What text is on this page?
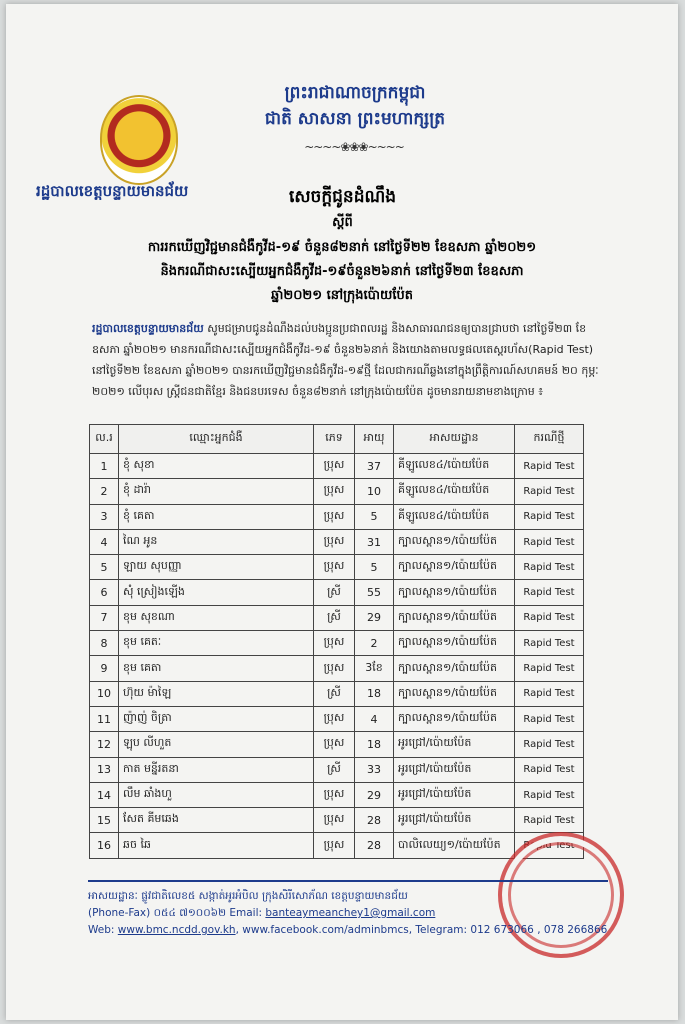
ព្រះរាជាណាចក្រកម្ពុជា
ជាតិ សាសនា ព្រះមហាក្សត្រ
~~~~❀❀❀~~~~
រដ្ឋបាលខេត្តបន្ទាយមានជ័យ	សេចក្តីជូនដំណឹង
ស្តីពី
ការរកឃើញវិជ្ជមានជំងឺកូវីដ-១៩ ចំនួន៨២នាក់ នៅថ្ងៃទី២២ ខែឧសភា ឆ្នាំ២០២១
និងករណីជាសះស្បើយអ្នកជំងឺកូវីដ-១៩ចំនួន២៦នាក់ នៅថ្ងៃទី២៣ ខែឧសភា
ឆ្នាំ២០២១ នៅក្រុងប៉ោយប៉ែត
រដ្ឋបាលខេត្តបន្ទាយមានជ័យ សូមជម្រាបជូនដំណឹងដល់បងប្អូនប្រជាពលរដ្ឋ និងសាធារណជនឲ្យបានជ្រាបថា នៅថ្ងៃទី២៣ ខែឧសភា ឆ្នាំ២០២១ មានករណីជាសះស្បើយអ្នកជំងឺកូវីដ-១៩ ចំនួន២៦នាក់ និងយោងតាមលទ្ធផលតេស្តរហ័ស(Rapid Test) នៅថ្ងៃទី២២ ខែឧសភា ឆ្នាំ២០២១ បានរកឃើញវិជ្ជមានជំងឺកូវីដ-១៩ថ្មី ដែលជាករណីឆ្លងនៅក្នុងព្រឹត្តិការណ៍សហគមន៍ ២០ កុម្ភៈ ២០២១ លើបុរស ស្ត្រីជនជាតិខ្មែរ និងជនបរទេស ចំនួន៨២នាក់ នៅក្រុងប៉ោយប៉ែត ដូចមានរាយនាមខាងក្រោម ៖
ល.រ	ឈ្មោះអ្នកជំងឺ	ភេទ	អាយុ	អាសយដ្ឋាន	ករណីថ្មី
1	ខុំ សុខា	ប្រុស	37	គីឡូលេខ៤/ប៉ោយប៉ែត	Rapid Test
2	ខុំ ដារ៉ា	ប្រុស	10	គីឡូលេខ៤/ប៉ោយប៉ែត	Rapid Test
3	ខុំ គេតា	ប្រុស	5	គីឡូលេខ៤/ប៉ោយប៉ែត	Rapid Test
4	ណៃ អូន	ប្រុស	31	ក្បាលស្ពាន១/ប៉ោយប៉ែត	Rapid Test
5	ឡាយ សុបញ្ញា	ប្រុស	5	ក្បាលស្ពាន១/ប៉ោយប៉ែត	Rapid Test
6	សុំ ស្រៀងឡើង	ស្រី	55	ក្បាលស្ពាន១/ប៉ោយប៉ែត	Rapid Test
7	ខុម សុខណា	ស្រី	29	ក្បាលស្ពាន១/ប៉ោយប៉ែត	Rapid Test
8	ខុម គេតៈ	ប្រុស	2	ក្បាលស្ពាន១/ប៉ោយប៉ែត	Rapid Test
9	ខុម គេតា	ប្រុស	3ខែ	ក្បាលស្ពាន១/ប៉ោយប៉ែត	Rapid Test
10	ហ៊ុយ ម៉ាឡៃ	ស្រី	18	ក្បាលស្ពាន១/ប៉ោយប៉ែត	Rapid Test
11	ញ៉ាញ់ ចិត្រា	ប្រុស	4	ក្បាលស្ពាន១/ប៉ោយប៉ែត	Rapid Test
12	ឡុប លីហួត	ប្រុស	18	អូរជ្រៅ/ប៉ោយប៉ែត	Rapid Test
13	កាត មន្នីរតនា	ស្រី	33	អូរជ្រៅ/ប៉ោយប៉ែត	Rapid Test
14	លឹម ឆាំងហួ	ប្រុស	29	អូរជ្រៅ/ប៉ោយប៉ែត	Rapid Test
15	សែត គីមឆេង	ប្រុស	28	អូរជ្រៅ/ប៉ោយប៉ែត	Rapid Test
16	ឆច ឆៃ	ប្រុស	28	បាលិលេយ្យ១/ប៉ោយប៉ែត	Rapid Test
អាសយដ្ឋានៈ ផ្លូវជាតិលេខ៥ សង្កាត់អូរអំបិល ក្រុងសិរីសោភ័ណ ខេត្តបន្ទាយមានជ័យ
(Phone-Fax) ០៥៤ ៧១០០៦២ Email: banteaymeanchey1@gmail.com
Web: www.bmc.ncdd.gov.kh, www.facebook.com/adminbmcs, Telegram: 012 673066 , 078 266866
